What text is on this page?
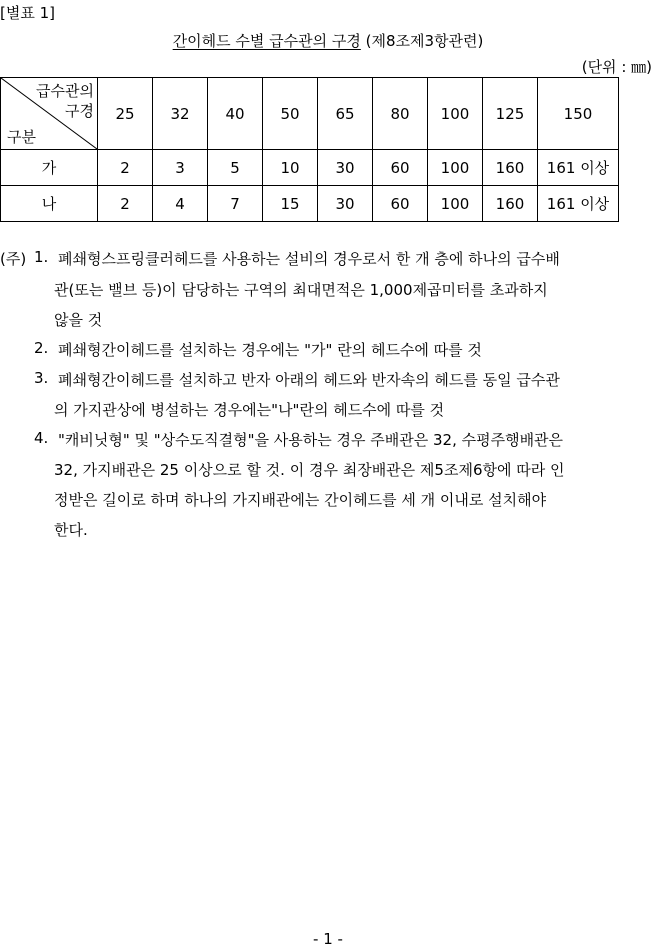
[별표 1]
간이헤드 수별 급수관의 구경 (제8조제3항관련)
(단위 : ㎜)
급수관의
구경
구분	25	32	40	50	65	80	100	125	150
가	2	3	5	10	30	60	100	160	161 이상
나	2	4	7	15	30	60	100	160	161 이상
(주) 1. 폐쇄형스프링클러헤드를 사용하는 설비의 경우로서 한 개 층에 하나의 급수배
관(또는 밸브 등)이 담당하는 구역의 최대면적은 1,000제곱미터를 초과하지
않을 것
2. 폐쇄형간이헤드를 설치하는 경우에는 "가" 란의 헤드수에 따를 것
3. 폐쇄형간이헤드를 설치하고 반자 아래의 헤드와 반자속의 헤드를 동일 급수관
의 가지관상에 병설하는 경우에는"나"란의 헤드수에 따를 것
4. "캐비닛형" 및 "상수도직결형"을 사용하는 경우 주배관은 32, 수평주행배관은
32, 가지배관은 25 이상으로 할 것. 이 경우 최장배관은 제5조제6항에 따라 인
정받은 길이로 하며 하나의 가지배관에는 간이헤드를 세 개 이내로 설치해야
한다.
- 1 -
